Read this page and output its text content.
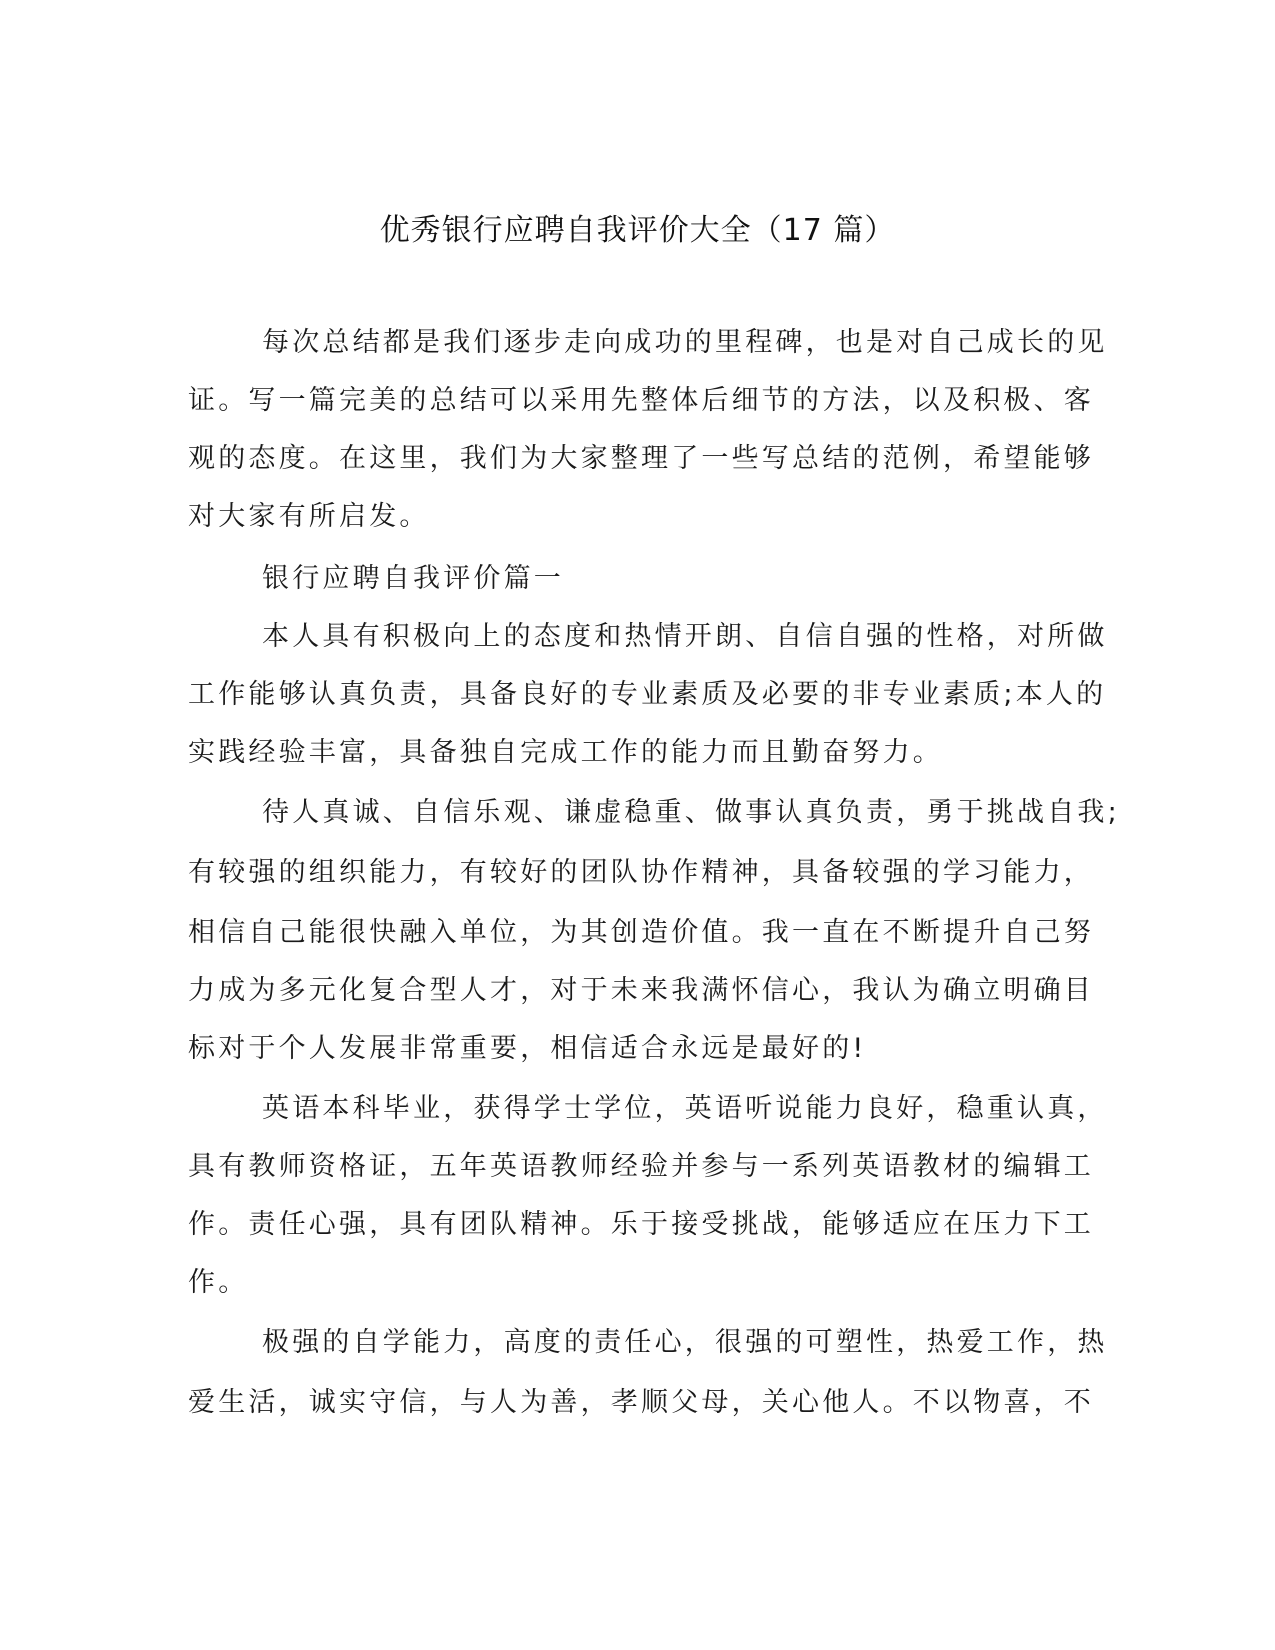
优秀银行应聘自我评价大全（17 篇）

每次总结都是我们逐步走向成功的里程碑，也是对自己成长的见

证。写一篇完美的总结可以采用先整体后细节的方法，以及积极、客

观的态度。在这里，我们为大家整理了一些写总结的范例，希望能够

对大家有所启发。

银行应聘自我评价篇一

本人具有积极向上的态度和热情开朗、自信自强的性格，对所做

工作能够认真负责，具备良好的专业素质及必要的非专业素质;本人的

实践经验丰富，具备独自完成工作的能力而且勤奋努力。

待人真诚、自信乐观、谦虚稳重、做事认真负责，勇于挑战自我;

有较强的组织能力，有较好的团队协作精神，具备较强的学习能力，

相信自己能很快融入单位，为其创造价值。我一直在不断提升自己努

力成为多元化复合型人才，对于未来我满怀信心，我认为确立明确目

标对于个人发展非常重要，相信适合永远是最好的!

英语本科毕业，获得学士学位，英语听说能力良好，稳重认真，

具有教师资格证，五年英语教师经验并参与一系列英语教材的编辑工

作。责任心强，具有团队精神。乐于接受挑战，能够适应在压力下工

作。

极强的自学能力，高度的责任心，很强的可塑性，热爱工作，热

爱生活，诚实守信，与人为善，孝顺父母，关心他人。不以物喜，不
